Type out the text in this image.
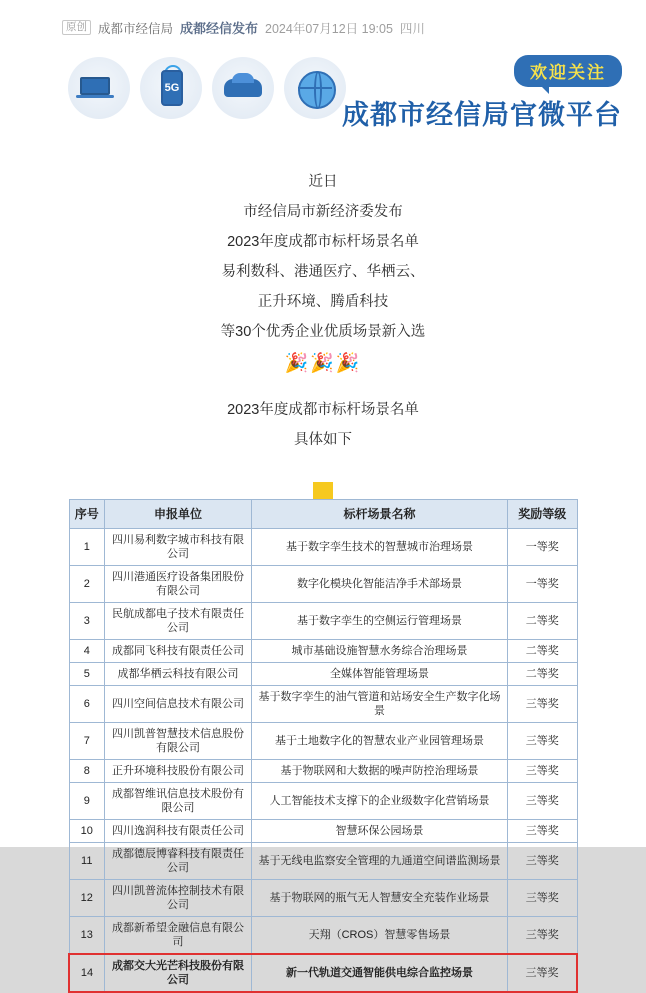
原创 成都市经信局 成都经信发布 2024年07月12日 19:05 四川
5G
欢迎关注
成都市经信局官微平台
近日
市经信局市新经济委发布
2023年度成都市标杆场景名单
易利数科、港通医疗、华栖云、
正升环境、腾盾科技
等30个优秀企业优质场景新入选
🎉🎉🎉
2023年度成都市标杆场景名单
具体如下
序号	申报单位	标杆场景名称	奖励等级
1	四川易利数字城市科技有限公司	基于数字孪生技术的智慧城市治理场景	一等奖
2	四川港通医疗设备集团股份有限公司	数字化模块化智能洁净手术部场景	一等奖
3	民航成都电子技术有限责任公司	基于数字孪生的空侧运行管理场景	二等奖
4	成都同飞科技有限责任公司	城市基础设施智慧水务综合治理场景	二等奖
5	成都华栖云科技有限公司	全媒体智能管理场景	二等奖
6	四川空间信息技术有限公司	基于数字孪生的油气管道和站场安全生产数字化场景	三等奖
7	四川凯普智慧技术信息股份有限公司	基于土地数字化的智慧农业产业园管理场景	三等奖
8	正升环境科技股份有限公司	基于物联网和大数据的噪声防控治理场景	三等奖
9	成都智维讯信息技术股份有限公司	人工智能技术支撑下的企业级数字化营销场景	三等奖
10	四川逸润科技有限责任公司	智慧环保公园场景	三等奖
11	成都德辰博睿科技有限责任公司	基于无线电监察安全管理的九通道空间谱监测场景	三等奖
12	四川凯普流体控制技术有限公司	基于物联网的瓶气无人智慧安全充装作业场景	三等奖
13	成都新希望金融信息有限公司	天翔（CROS）智慧零售场景	三等奖
14	成都交大光芒科技股份有限公司	新一代轨道交通智能供电综合监控场景	三等奖
